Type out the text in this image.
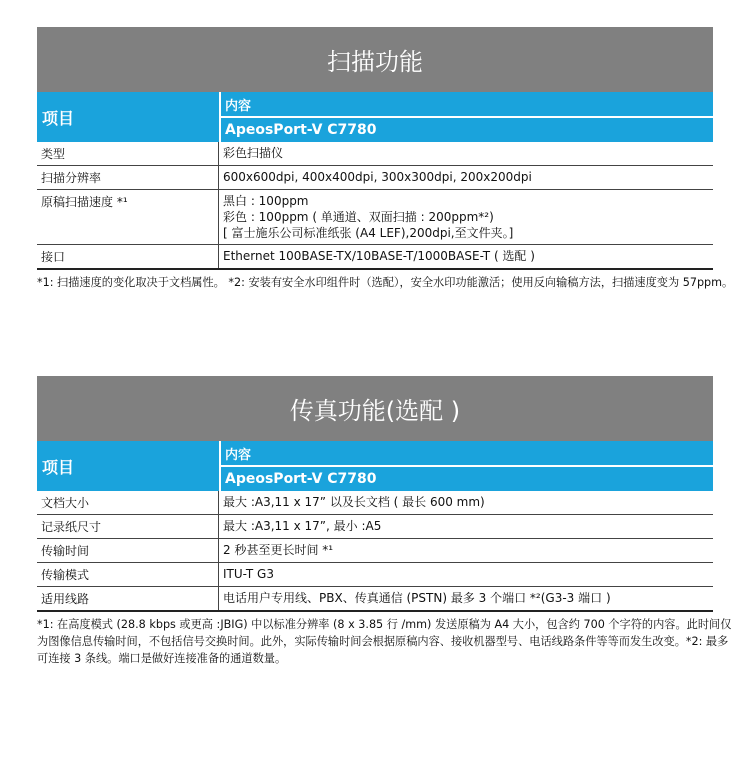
扫描功能
项目
内容
ApeosPort-V C7780
类型	彩色扫描仪
扫描分辨率	600x600dpi, 400x400dpi, 300x300dpi, 200x200dpi
原稿扫描速度 *¹	黑白 : 100ppm
彩色 : 100ppm ( 单通道、双面扫描 : 200ppm*²)
[ 富士施乐公司标准纸张 (A4 LEF),200dpi,至文件夹。]
接口	Ethernet 100BASE-TX/10BASE-T/1000BASE-T ( 选配 )
*1: 扫描速度的变化取决于文档属性。 *2: 安装有安全水印组件时（选配），安全水印功能激活；使用反向输稿方法，扫描速度变为 57ppm。
传真功能(选配 )
项目
内容
ApeosPort-V C7780
文档大小	最大 :A3,11 x 17” 以及长文档 ( 最长 600 mm)
记录纸尺寸	最大 :A3,11 x 17”, 最小 :A5
传输时间	2 秒甚至更长时间 *¹
传输模式	ITU-T G3
适用线路	电话用户专用线、PBX、传真通信 (PSTN) 最多 3 个端口 *²(G3-3 端口 )
*1: 在高度模式 (28.8 kbps 或更高 :JBIG) 中以标准分辨率 (8 x 3.85 行 /mm) 发送原稿为 A4 大小，包含约 700 个字符的内容。此时间仅为图像信息传输时间，不包括信号交换时间。此外，实际传输时间会根据原稿内容、接收机器型号、电话线路条件等等而发生改变。*2: 最多可连接 3 条线。端口是做好连接准备的通道数量。
